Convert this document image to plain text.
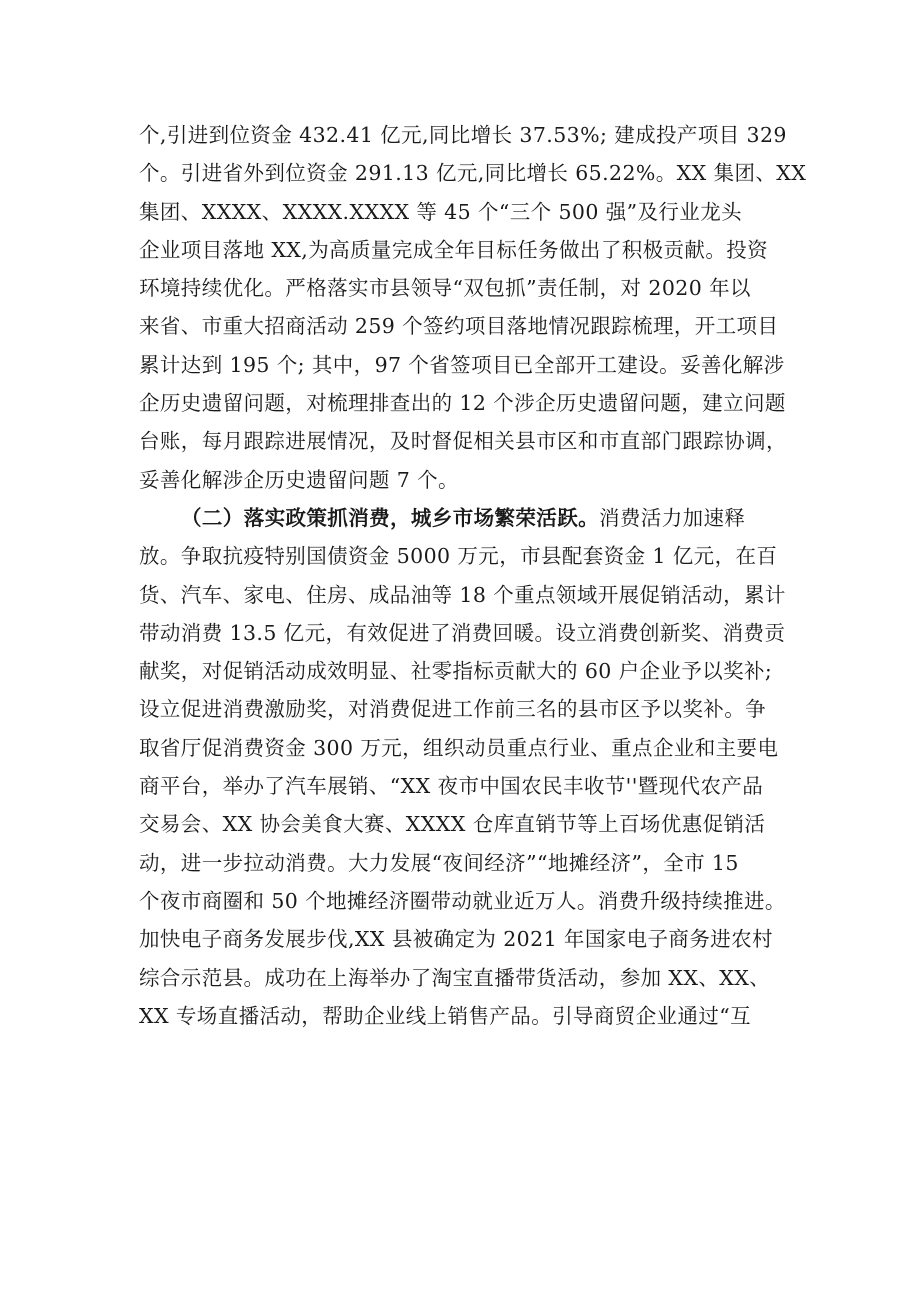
个,引进到位资金 432.41 亿元,同比增长 37.53%; 建成投产项目 329
个。引进省外到位资金 291.13 亿元,同比增长 65.22%。XX 集团、XX
集团、XXXX、XXXX.XXXX 等 45 个“三个 500 强”及行业龙头
企业项目落地 XX,为高质量完成全年目标任务做出了积极贡献。投资
环境持续优化。严格落实市县领导“双包抓”责任制，对 2020 年以
来省、市重大招商活动 259 个签约项目落地情况跟踪梳理，开工项目
累计达到 195 个; 其中，97 个省签项目已全部开工建设。妥善化解涉
企历史遗留问题，对梳理排查出的 12 个涉企历史遗留问题，建立问题
台账，每月跟踪进展情况，及时督促相关县市区和市直部门跟踪协调，
妥善化解涉企历史遗留问题 7 个。
（二）落实政策抓消费，城乡市场繁荣活跃。消费活力加速释
放。争取抗疫特别国债资金 5000 万元，市县配套资金 1 亿元，在百
货、汽车、家电、住房、成品油等 18 个重点领域开展促销活动，累计
带动消费 13.5 亿元，有效促进了消费回暖。设立消费创新奖、消费贡
献奖，对促销活动成效明显、社零指标贡献大的 60 户企业予以奖补;
设立促进消费激励奖，对消费促进工作前三名的县市区予以奖补。争
取省厅促消费资金 300 万元，组织动员重点行业、重点企业和主要电
商平台，举办了汽车展销、“XX 夜市中国农民丰收节''暨现代农产品
交易会、XX 协会美食大赛、XXXX 仓库直销节等上百场优惠促销活
动，进一步拉动消费。大力发展“夜间经济”“地摊经济”，全市 15
个夜市商圈和 50 个地摊经济圈带动就业近万人。消费升级持续推进。
加快电子商务发展步伐,XX 县被确定为 2021 年国家电子商务进农村
综合示范县。成功在上海举办了淘宝直播带货活动，参加 XX、XX、
XX 专场直播活动，帮助企业线上销售产品。引导商贸企业通过“互
